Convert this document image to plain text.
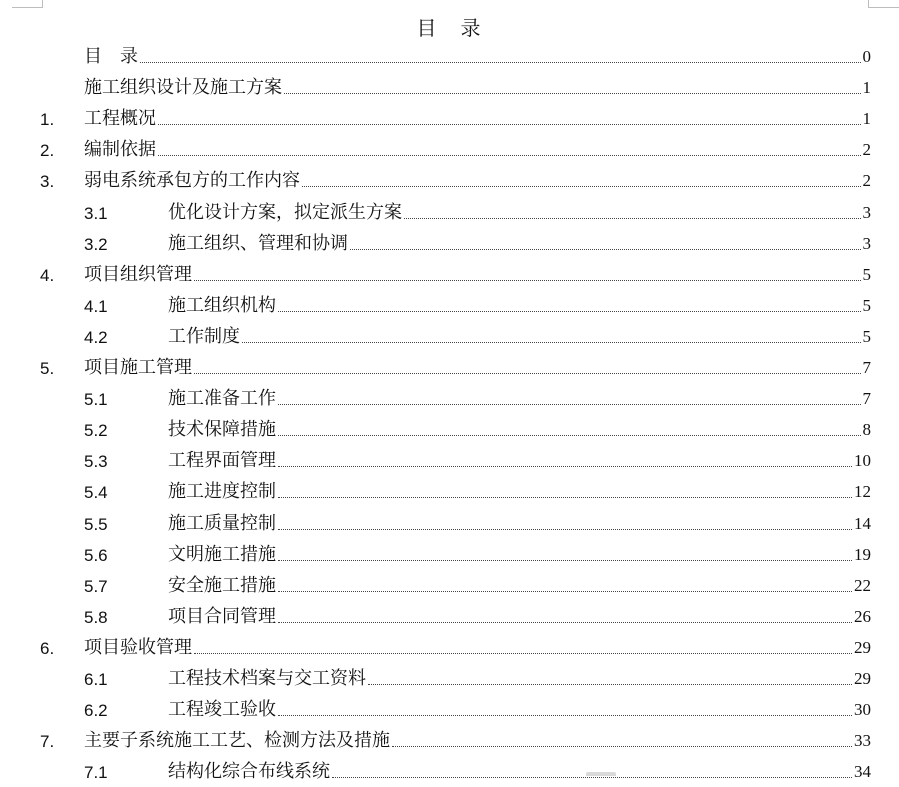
目　录
目　录	0
施工组织设计及施工方案	1
1. 工程概况	1
2. 编制依据	2
3. 弱电系统承包方的工作内容	2
3.1	优化设计方案，拟定派生方案	3
3.2	施工组织、管理和协调	3
4. 项目组织管理	5
4.1	施工组织机构	5
4.2	工作制度	5
5. 项目施工管理	7
5.1	施工准备工作	7
5.2	技术保障措施	8
5.3	工程界面管理	10
5.4	施工进度控制	12
5.5	施工质量控制	14
5.6	文明施工措施	19
5.7	安全施工措施	22
5.8	项目合同管理	26
6. 项目验收管理	29
6.1	工程技术档案与交工资料	29
6.2	工程竣工验收	30
7. 主要子系统施工工艺、检测方法及措施	33
7.1	结构化综合布线系统	34
